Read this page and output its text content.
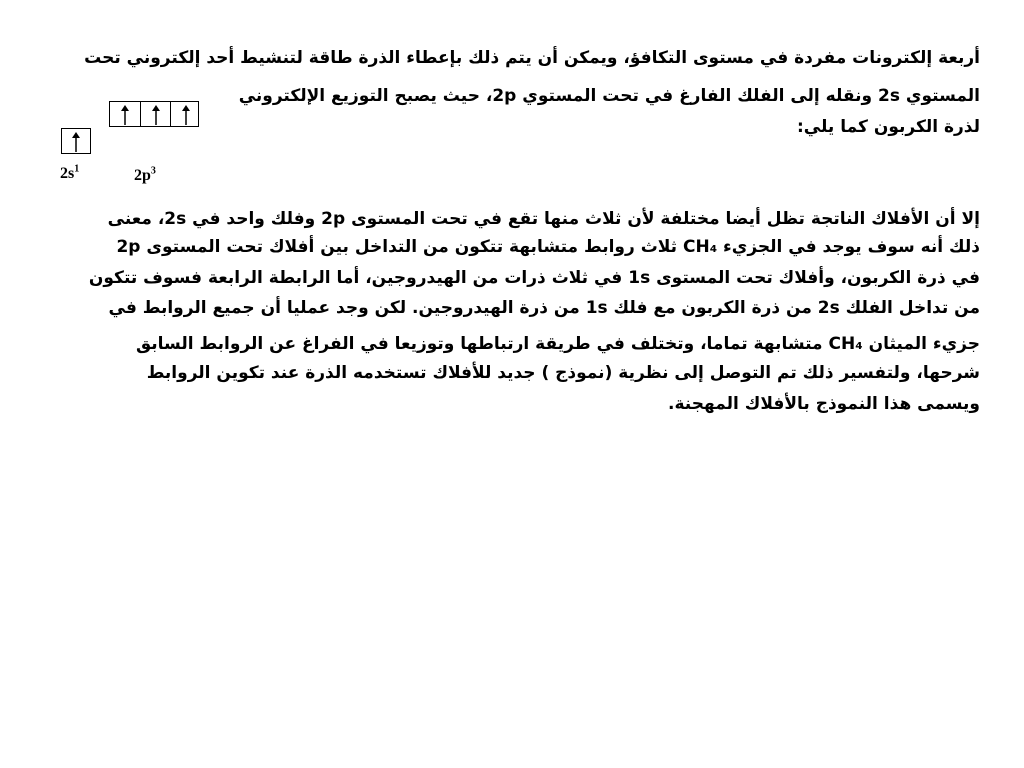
أربعة إلكترونات مفردة في مستوى التكافؤ، ويمكن أن يتم ذلك بإعطاء الذرة طاقة لتنشيط أحد إلكتروني تحت

المستوي 2s ونقله إلى الفلك الفارغ في تحت المستوي 2p، حيث يصبح التوزيع الإلكتروني

لذرة الكربون كما يلي:

$2s^1$	$2p^3$

إلا أن الأفلاك الناتجة تظل أيضا مختلفة لأن ثلاث منها تقع في تحت المستوى 2p وفلك واحد في 2s، معنى

ذلك أنه سوف يوجد في الجزيء CH₄ ثلاث روابط متشابهة تتكون من التداخل بين أفلاك تحت المستوى 2p

في ذرة الكربون، وأفلاك تحت المستوى 1s في ثلاث ذرات من الهيدروجين، أما الرابطة الرابعة فسوف تتكون

من تداخل الفلك 2s من ذرة الكربون مع فلك 1s من ذرة الهيدروجين. لكن وجد عمليا أن جميع الروابط في

جزيء الميثان CH₄ متشابهة تماما، وتختلف في طريقة ارتباطها وتوزيعا في الفراغ عن الروابط السابق

شرحها، ولتفسير ذلك تم التوصل إلى نظرية (نموذج ) جديد للأفلاك تستخدمه الذرة عند تكوين الروابط

ويسمى هذا النموذج بالأفلاك المهجنة.
